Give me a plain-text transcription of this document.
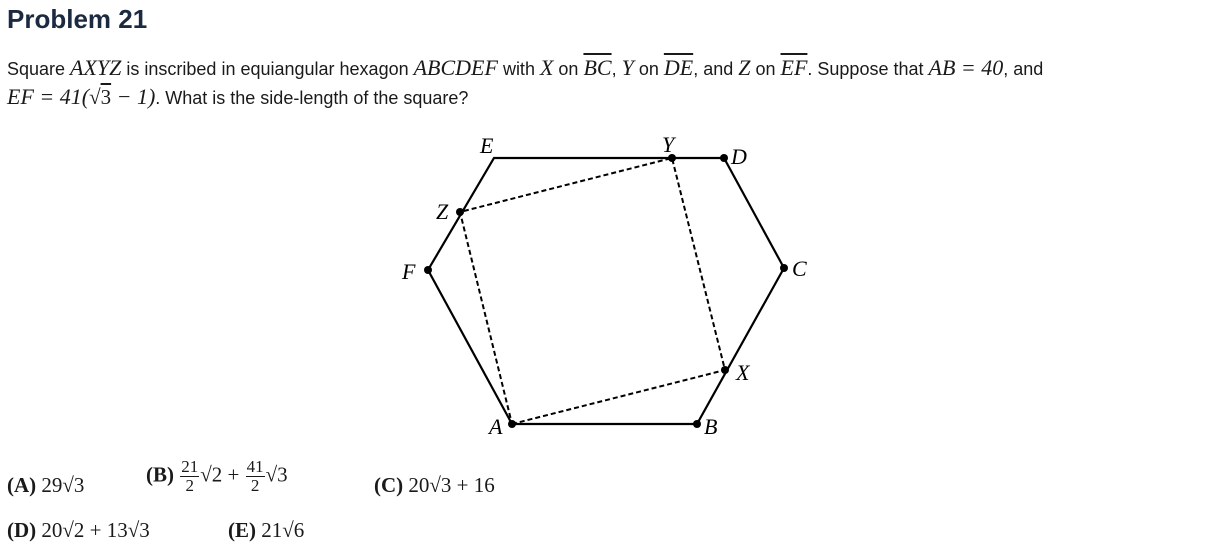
Problem 21
Square AXYZ is inscribed in equiangular hexagon ABCDEF with X on $\overline{BC}$, Y on $\overline{DE}$, and Z on $\overline{EF}$. Suppose that AB = 40, and
EF = 41(√3 − 1). What is the side-length of the square?
A	B
C
D
E
F
X
Y
Z
(A) 29√3	$(B) \frac{21}{2} √2 + \frac{41}{2} √3$	(C) 20√3 + 16
(D) 20√2 + 13√3	(E) 21√6
